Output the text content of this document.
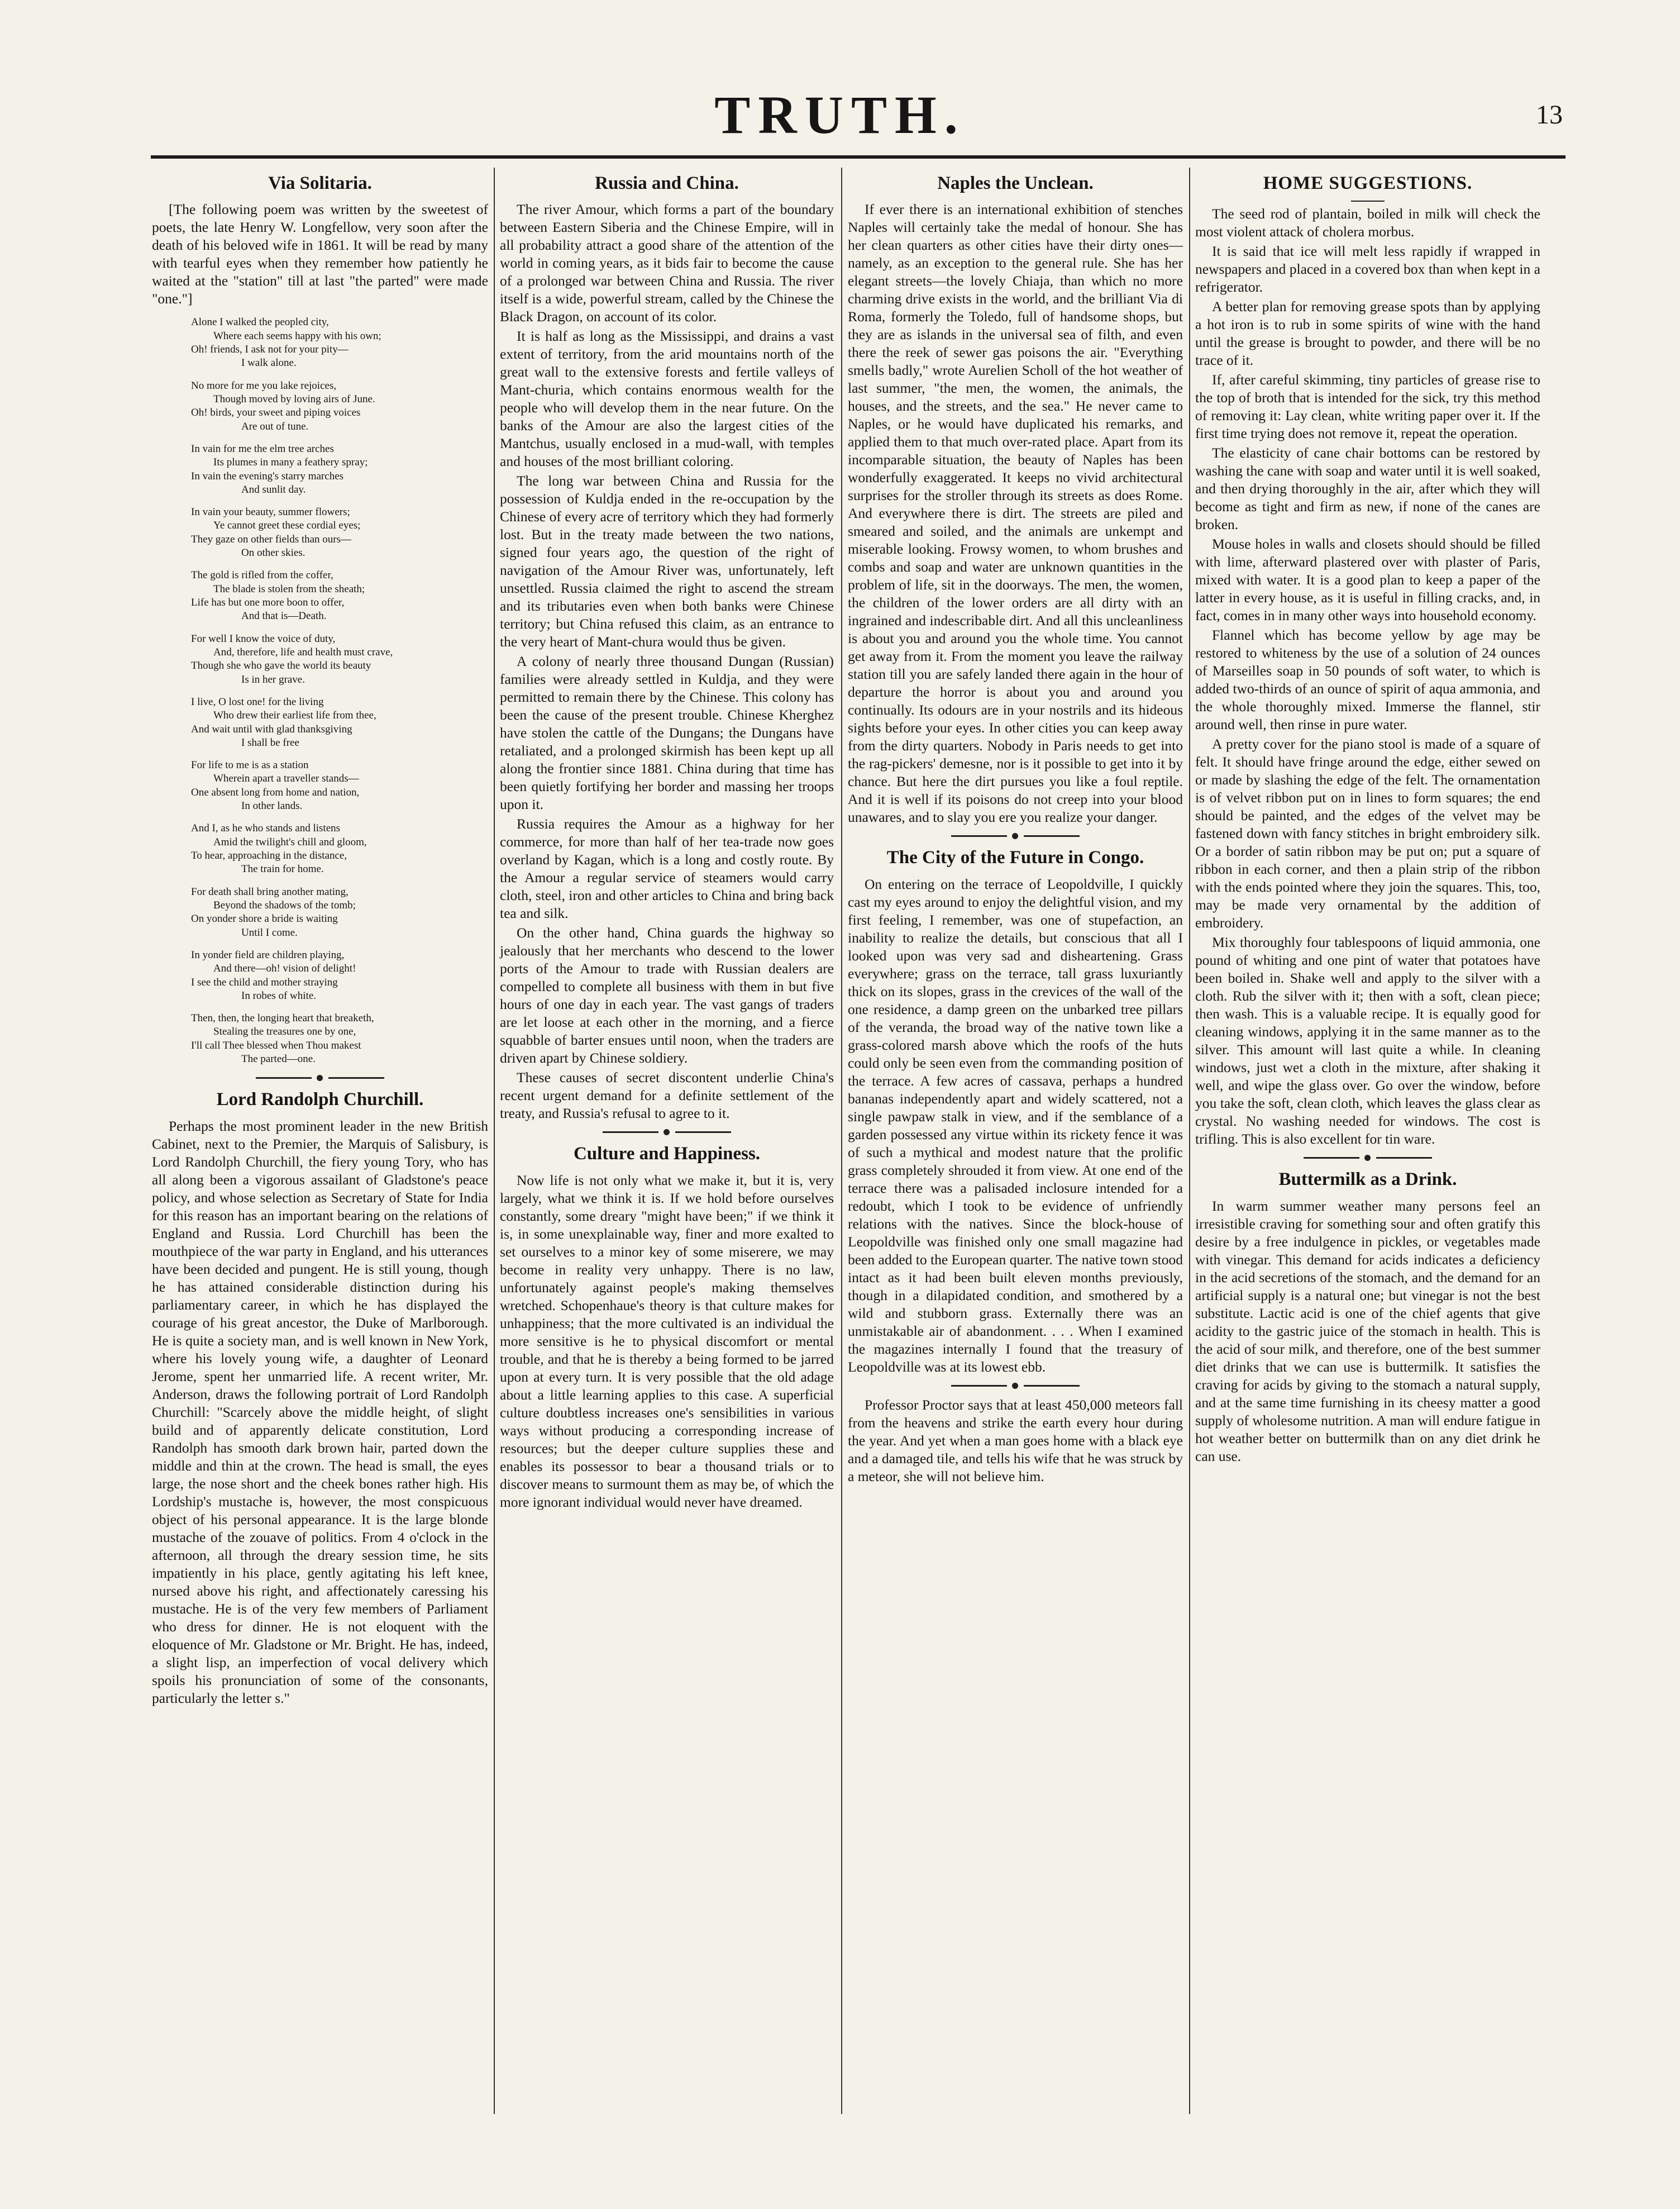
TRUTH.	13
Via Solitaria.

[The following poem was written by the sweetest of poets, the late Henry W. Longfellow, very soon after the death of his beloved wife in 1861. It will be read by many with tearful eyes when they remember how patiently he waited at the "station" till at last "the parted" were made "one."]

Alone I walked the peopled city,
Where each seems happy with his own;
Oh! friends, I ask not for your pity—
I walk alone.
No more for me you lake rejoices,
Though moved by loving airs of June.
Oh! birds, your sweet and piping voices
Are out of tune.
In vain for me the elm tree arches
Its plumes in many a feathery spray;
In vain the evening's starry marches
And sunlit day.
In vain your beauty, summer flowers;
Ye cannot greet these cordial eyes;
They gaze on other fields than ours—
On other skies.
The gold is rifled from the coffer,
The blade is stolen from the sheath;
Life has but one more boon to offer,
And that is—Death.
For well I know the voice of duty,
And, therefore, life and health must crave,
Though she who gave the world its beauty
Is in her grave.
I live, O lost one! for the living
Who drew their earliest life from thee,
And wait until with glad thanksgiving
I shall be free
For life to me is as a station
Wherein apart a traveller stands—
One absent long from home and nation,
In other lands.
And I, as he who stands and listens
Amid the twilight's chill and gloom,
To hear, approaching in the distance,
The train for home.
For death shall bring another mating,
Beyond the shadows of the tomb;
On yonder shore a bride is waiting
Until I come.
In yonder field are children playing,
And there—oh! vision of delight!
I see the child and mother straying
In robes of white.
Then, then, the longing heart that breaketh,
Stealing the treasures one by one,
I'll call Thee blessed when Thou makest
The parted—one.
Lord Randolph Churchill.

Perhaps the most prominent leader in the new British Cabinet, next to the Premier, the Marquis of Salisbury, is Lord Randolph Churchill, the fiery young Tory, who has all along been a vigorous assailant of Gladstone's peace policy, and whose selection as Secretary of State for India for this reason has an important bearing on the relations of England and Russia. Lord Churchill has been the mouthpiece of the war party in England, and his utterances have been decided and pungent. He is still young, though he has attained considerable distinction during his parliamentary career, in which he has displayed the courage of his great ancestor, the Duke of Marlborough. He is quite a society man, and is well known in New York, where his lovely young wife, a daughter of Leonard Jerome, spent her unmarried life. A recent writer, Mr. Anderson, draws the following portrait of Lord Randolph Churchill: "Scarcely above the middle height, of slight build and of apparently delicate constitution, Lord Randolph has smooth dark brown hair, parted down the middle and thin at the crown. The head is small, the eyes large, the nose short and the cheek bones rather high. His Lordship's mustache is, however, the most conspicuous object of his personal appearance. It is the large blonde mustache of the zouave of politics. From 4 o'clock in the afternoon, all through the dreary session time, he sits impatiently in his place, gently agitating his left knee, nursed above his right, and affectionately caressing his mustache. He is of the very few members of Parliament who dress for dinner. He is not eloquent with the eloquence of Mr. Gladstone or Mr. Bright. He has, indeed, a slight lisp, an imperfection of vocal delivery which spoils his pronunciation of some of the consonants, particularly the letter s."

Russia and China.

The river Amour, which forms a part of the boundary between Eastern Siberia and the Chinese Empire, will in all probability attract a good share of the attention of the world in coming years, as it bids fair to become the cause of a prolonged war between China and Russia. The river itself is a wide, powerful stream, called by the Chinese the Black Dragon, on account of its color.

It is half as long as the Mississippi, and drains a vast extent of territory, from the arid mountains north of the great wall to the extensive forests and fertile valleys of Mant-churia, which contains enormous wealth for the people who will develop them in the near future. On the banks of the Amour are also the largest cities of the Mantchus, usually enclosed in a mud-wall, with temples and houses of the most brilliant coloring.

The long war between China and Russia for the possession of Kuldja ended in the re-occupation by the Chinese of every acre of territory which they had formerly lost. But in the treaty made between the two nations, signed four years ago, the question of the right of navigation of the Amour River was, unfortunately, left unsettled. Russia claimed the right to ascend the stream and its tributaries even when both banks were Chinese territory; but China refused this claim, as an entrance to the very heart of Mant-chura would thus be given.

A colony of nearly three thousand Dungan (Russian) families were already settled in Kuldja, and they were permitted to remain there by the Chinese. This colony has been the cause of the present trouble. Chinese Kherghez have stolen the cattle of the Dungans; the Dungans have retaliated, and a prolonged skirmish has been kept up all along the frontier since 1881. China during that time has been quietly fortifying her border and massing her troops upon it.

Russia requires the Amour as a highway for her commerce, for more than half of her tea-trade now goes overland by Kagan, which is a long and costly route. By the Amour a regular service of steamers would carry cloth, steel, iron and other articles to China and bring back tea and silk.

On the other hand, China guards the highway so jealously that her merchants who descend to the lower ports of the Amour to trade with Russian dealers are compelled to complete all business with them in but five hours of one day in each year. The vast gangs of traders are let loose at each other in the morning, and a fierce squabble of barter ensues until noon, when the traders are driven apart by Chinese soldiery.

These causes of secret discontent underlie China's recent urgent demand for a definite settlement of the treaty, and Russia's refusal to agree to it.

Culture and Happiness.

Now life is not only what we make it, but it is, very largely, what we think it is. If we hold before ourselves constantly, some dreary "might have been;" if we think it is, in some unexplainable way, finer and more exalted to set ourselves to a minor key of some miserere, we may become in reality very unhappy. There is no law, unfortunately against people's making themselves wretched. Schopenhaue's theory is that culture makes for unhappiness; that the more cultivated is an individual the more sensitive is he to physical discomfort or mental trouble, and that he is thereby a being formed to be jarred upon at every turn. It is very possible that the old adage about a little learning applies to this case. A superficial culture doubtless increases one's sensibilities in various ways without producing a corresponding increase of resources; but the deeper culture supplies these and enables its possessor to bear a thousand trials or to discover means to surmount them as may be, of which the more ignorant individual would never have dreamed.

Naples the Unclean.

If ever there is an international exhibition of stenches Naples will certainly take the medal of honour. She has her clean quarters as other cities have their dirty ones—namely, as an exception to the general rule. She has her elegant streets—the lovely Chiaja, than which no more charming drive exists in the world, and the brilliant Via di Roma, formerly the Toledo, full of handsome shops, but they are as islands in the universal sea of filth, and even there the reek of sewer gas poisons the air. "Everything smells badly," wrote Aurelien Scholl of the hot weather of last summer, "the men, the women, the animals, the houses, and the streets, and the sea." He never came to Naples, or he would have duplicated his remarks, and applied them to that much over-rated place. Apart from its incomparable situation, the beauty of Naples has been wonderfully exaggerated. It keeps no vivid architectural surprises for the stroller through its streets as does Rome. And everywhere there is dirt. The streets are piled and smeared and soiled, and the animals are unkempt and miserable looking. Frowsy women, to whom brushes and combs and soap and water are unknown quantities in the problem of life, sit in the doorways. The men, the women, the children of the lower orders are all dirty with an ingrained and indescribable dirt. And all this uncleanliness is about you and around you the whole time. You cannot get away from it. From the moment you leave the railway station till you are safely landed there again in the hour of departure the horror is about you and around you continually. Its odours are in your nostrils and its hideous sights before your eyes. In other cities you can keep away from the dirty quarters. Nobody in Paris needs to get into the rag-pickers' demesne, nor is it possible to get into it by chance. But here the dirt pursues you like a foul reptile. And it is well if its poisons do not creep into your blood unawares, and to slay you ere you realize your danger.

The City of the Future in Congo.

On entering on the terrace of Leopoldville, I quickly cast my eyes around to enjoy the delightful vision, and my first feeling, I remember, was one of stupefaction, an inability to realize the details, but conscious that all I looked upon was very sad and disheartening. Grass everywhere; grass on the terrace, tall grass luxuriantly thick on its slopes, grass in the crevices of the wall of the one residence, a damp green on the unbarked tree pillars of the veranda, the broad way of the native town like a grass-colored marsh above which the roofs of the huts could only be seen even from the commanding position of the terrace. A few acres of cassava, perhaps a hundred bananas independently apart and widely scattered, not a single pawpaw stalk in view, and if the semblance of a garden possessed any virtue within its rickety fence it was of such a mythical and modest nature that the prolific grass completely shrouded it from view. At one end of the terrace there was a palisaded inclosure intended for a redoubt, which I took to be evidence of unfriendly relations with the natives. Since the block-house of Leopoldville was finished only one small magazine had been added to the European quarter. The native town stood intact as it had been built eleven months previously, though in a dilapidated condition, and smothered by a wild and stubborn grass. Externally there was an unmistakable air of abandonment. . . . When I examined the magazines internally I found that the treasury of Leopoldville was at its lowest ebb.

Professor Proctor says that at least 450,000 meteors fall from the heavens and strike the earth every hour during the year. And yet when a man goes home with a black eye and a damaged tile, and tells his wife that he was struck by a meteor, she will not believe him.

HOME SUGGESTIONS.

The seed rod of plantain, boiled in milk will check the most violent attack of cholera morbus.

It is said that ice will melt less rapidly if wrapped in newspapers and placed in a covered box than when kept in a refrigerator.

A better plan for removing grease spots than by applying a hot iron is to rub in some spirits of wine with the hand until the grease is brought to powder, and there will be no trace of it.

If, after careful skimming, tiny particles of grease rise to the top of broth that is intended for the sick, try this method of removing it: Lay clean, white writing paper over it. If the first time trying does not remove it, repeat the operation.

The elasticity of cane chair bottoms can be restored by washing the cane with soap and water until it is well soaked, and then drying thoroughly in the air, after which they will become as tight and firm as new, if none of the canes are broken.

Mouse holes in walls and closets should should be filled with lime, afterward plastered over with plaster of Paris, mixed with water. It is a good plan to keep a paper of the latter in every house, as it is useful in filling cracks, and, in fact, comes in in many other ways into household economy.

Flannel which has become yellow by age may be restored to whiteness by the use of a solution of 24 ounces of Marseilles soap in 50 pounds of soft water, to which is added two-thirds of an ounce of spirit of aqua ammonia, and the whole thoroughly mixed. Immerse the flannel, stir around well, then rinse in pure water.

A pretty cover for the piano stool is made of a square of felt. It should have fringe around the edge, either sewed on or made by slashing the edge of the felt. The ornamentation is of velvet ribbon put on in lines to form squares; the end should be painted, and the edges of the velvet may be fastened down with fancy stitches in bright embroidery silk. Or a border of satin ribbon may be put on; put a square of ribbon in each corner, and then a plain strip of the ribbon with the ends pointed where they join the squares. This, too, may be made very ornamental by the addition of embroidery.

Mix thoroughly four tablespoons of liquid ammonia, one pound of whiting and one pint of water that potatoes have been boiled in. Shake well and apply to the silver with a cloth. Rub the silver with it; then with a soft, clean piece; then wash. This is a valuable recipe. It is equally good for cleaning windows, applying it in the same manner as to the silver. This amount will last quite a while. In cleaning windows, just wet a cloth in the mixture, after shaking it well, and wipe the glass over. Go over the window, before you take the soft, clean cloth, which leaves the glass clear as crystal. No washing needed for windows. The cost is trifling. This is also excellent for tin ware.

Buttermilk as a Drink.

In warm summer weather many persons feel an irresistible craving for something sour and often gratify this desire by a free indulgence in pickles, or vegetables made with vinegar. This demand for acids indicates a deficiency in the acid secretions of the stomach, and the demand for an artificial supply is a natural one; but vinegar is not the best substitute. Lactic acid is one of the chief agents that give acidity to the gastric juice of the stomach in health. This is the acid of sour milk, and therefore, one of the best summer diet drinks that we can use is buttermilk. It satisfies the craving for acids by giving to the stomach a natural supply, and at the same time furnishing in its cheesy matter a good supply of wholesome nutrition. A man will endure fatigue in hot weather better on buttermilk than on any diet drink he can use.
